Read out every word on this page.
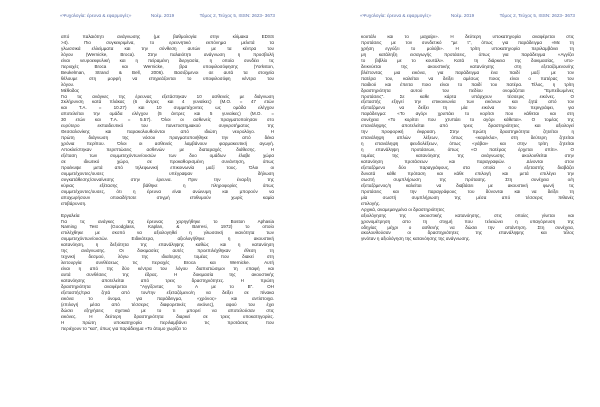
«Ψυχολογία: έρευνα & εφαρμογές»	Νοέμ. 2019	Τόμος 2, Τεύχος 5, ISSN: 2623- 3673

από παλαιότητι ανάγνωσης (με βαθμολογία στην κλίμακα EDSS

>4). Πιο συγκεκριμένα, το ερευνητικό εκπόνημα μελετά τα

γλωσσικά ελλείμματα και την σύνθεση αυτών με τα κέντρα του

λόγου (Wernicke, Broca). Στην παλαιότητι ανάγνωση η προσβολή

είναι νευροεκφυλική και η πείραμένη διεργασία, η οποία συνδέει τις

περιοχές Broca και Wernicke, βρα υποφιλοσόφησης (Yorkston,

Beukelman, Strand & Bell, 2006). Βασιζόμενοι σε αυτά τα στοιχεία

θέλουμε στη μορφή να επηρεάζονται το υποφιλοσόφη κέντρα του

λόγου.

Μέθοδος

Για τις ανάγκες της έρευνας εξετάστηκαν 10 ασθενείς με διάγνωση

Σκλήρυνση κατά πλάκας (6 άντρες και 4 γυναίκες) (Μ.Ο. = 47 ετών

και Τ.Α. = 10.27) και 10 συμμετέχοντες ως ομάδα ελέγχου

αποτελείται την ομάδα ελέγχου (5 άντρες και 5 γυναίκες) (Μ.Ο. =

30 ετών και Τ.Α. = 5.57). Όλοι οι ασθενείς πραγματοποίησαν στο

ευρύτερο εκπαιδευτικό του πανεπιστημιακού συγκροτήματος της

Θεσσαλονίκης και παρακολουθούνται από ιδιώτη νευρολόγο. Η

πρώτη διάγνωση της νόσου πραγματοποιήθηκε την από δέκα

χρόνια περίπου. Όλοι οι ασθενείς λαμβάνουν φαρμακευτική αγωγή.

Αποκλείστηκαν περιπτώσεις ασθενών με διαταραχές διάθεσης. Η

εξέταση των συμμετεχόντων/ουσών των δυο ομάδων έλαβε χώρα

σε ιδιωτικό χώρο, σε προκαθορισμένη συνάντηση, όπως

προέκυψε μετά από τηλεφωνική επικοινωνία μαζί τους. Όλοι οι

συμμετέχοντες/ουσες υπέγραψαν δήλωση

συγκατάθεσης/συναίνεσης στην έρευνα. Πριν την έναρξη της

κύριας εξέτασης βάθηκε η πληροφορίες όπως

συμμετέχοντες/ουσες, ότι η έρευνα είναι ανώνυμη και μπορούν να

αποχωρήσουν οποιαδήποτε στιγμή επιθυμούν χωρίς καμία

επιβάρυνση.

Εργαλεία

Για τις ανάγκες της έρευνας χορηγήθηκε το Boston Aphasia

Naming Test (Goodglass, Kaplan, & Barresi, 1972) το οποίο

επιλέχθηκε με σκοπό να αξιολογηθεί η γλωσσική ικανότητα των

συμμετεχόντων/ουσών. Ειδικότερα, αξιολογήθηκε η ακουστική

κατανόηση, η δεξιότητα της επανάληψης καθώς και η κατανόηση

της ανάγνωσης. Οι δοκιμασίες αυτές προεπιλέχθηκαν έθεση τη

τεχνική δεσμού, λόγω της ιδιαίτερης τομέας που διακεί στη

λειτουργία συνθέσεως τις περιοχές Broca και Wernicke. Αυτή

είναι η από της δύο κέντρα του λόγου διαπιστώσιμοι τη επαφή και

αυτά συνθέσεις της έδρας. Η δοκιμασία της ακουστικής

κατανόησης αποτελείται από τρεις δραστηριότητες. Η πρώτη

δραστηριότητα αναφέρεται "Αγγίζοντας το Α με το Β". ΟΗ

εξεταστής/τρια ζητά από τον/την εξεταζόμενο/η να δείξει σε πίνακα

εικόνα το όνομα, για παράδειγμα, «χρόνος» και αντίστοιχα.

(επιλογή μέσα από τέσσερις διαφορετικές εικόνες), αφού του έχει

δώσει εξηγήσεις σχετικά με το τι μπορεί να αποτελούσαν στις

εικόνες. Η δεύτερη δραστηριότητα διαρκεί σε τρεις υποκατηγορίες.

Η πρώτη υποκατηγορία περιλαμβάνει τις προτάσεις που

περιέχουν το "και", όπως για παράδειγμα «Το άτομο χωρίζει το

«Ψυχολογία: έρευνα & εφαρμογές»	Νοέμ. 2019	Τόμος 2, Τεύχος 5, ISSN: 2623- 3673

κουτάλι και το μαχαίρι». Η δεύτερη υποκατηγορία αναφέρεται στις

προτάσεις με τον συνδετικό "με τ", όπως για παράδειγμα «Με τη

χρήση εγγύζει το μολύβι». Η τρίτη υποκατηγορία περιλαμβάνει τη

μη κατάληξη εισαγωγής προτάσεις, όπως για παράδειγμα «Αγγίζει

το βιβλίο με το κουτάλι». Κατά τη διάρκεια της δοκιμασίας, υπο-

δεικνύεται της ακουστικής κατανόησης στη εξεταζόμενου/ης

βλέποντας μια εικόνα, για παράδειγμα ένα παιδί μαζί με τον

πατέρα του, καλείται να δείξει αμέσως ποιος είναι ο πατέρας του

παιδιού και έπειτα ποιο είναι το παιδί του πατέρα. Τέλος, η τρίτη

δραστηριότητα αυτού του πεδίου ονομάζεται "Εμπεδωμένες

προτάσεις". Σε καθε κάρτα υπάρχουν τέσσερις εικόνες. Ο

εξεταστής εξηγεί την επικοινωνία των εικόνων και ζητά από τον

εξεταζόμενο να δείξει τη μία εικόνα που περιγράφει, για

παράδειγμα: «Το αγόρι χρυπάει το κορίτσι που κάθεται και στη

συνέχεια «Το κορίτσι που χτυπάει το αγόρι κάθεται». Ο τομέας της

επανάληψης αποτελείται από τρεις δραστηριότητες και αξιολογεί

την προφορική έκφραση. Στην πρώτη δραστηριότητα ζητείται η

επανάληψη απλών λέξεων, όπως «καρέκλα», στη δεύτερη ζητείται

η επανάληψη ψευδολέξεων, όπως «γάβαι» και στην τρίτη ζητείται

η επανάληψη προτάσεων, όπως «Ο πατέρας έρχεται σπίτι». Ο

τομέας της κατανόησης της ανάγνωσης ακολουθείται στην

κατανόηση προτάσεων και παραγραφών. Δίνονται στον

εξεταζόμενο δύο παραγράφους, στα οποία ο εξεταστής διαβάζει

δυνατά κάθε πρόταση και κάθε επιλογή και μετά επιλέγει την

σωστή συμπλήρωση της πρότασης. Στη συνέχεια ο/η

εξεταζόμενος/η καλείται να διαβάσει με ακουστική φωνή τις

προτάσεις και την παραγράφους του δύνονται και να δείξει τη

μία σωστή συμπλήρωση της μέσα από τέσσερις πιθανές

επιλογής.

Αρχικά, αναμεμειγμένα οι δραστηριότητες

αξιολόγησης της ακουστικής κατανόησης, στις οποίες γίνεται και

χρονομέτρηση απο τη στιγμή που τελειώνει η υπαγόρευση της

οδηγίας μέχρι ο ασθενής να δώσει την απάντηση. Στη συνέχεια,

ακολουθούσαν οι δραστηριότητες της επανάληψης και τέλος

γινόταν η αξιολόγηση της κατανόησης της ανάγνωσης.
